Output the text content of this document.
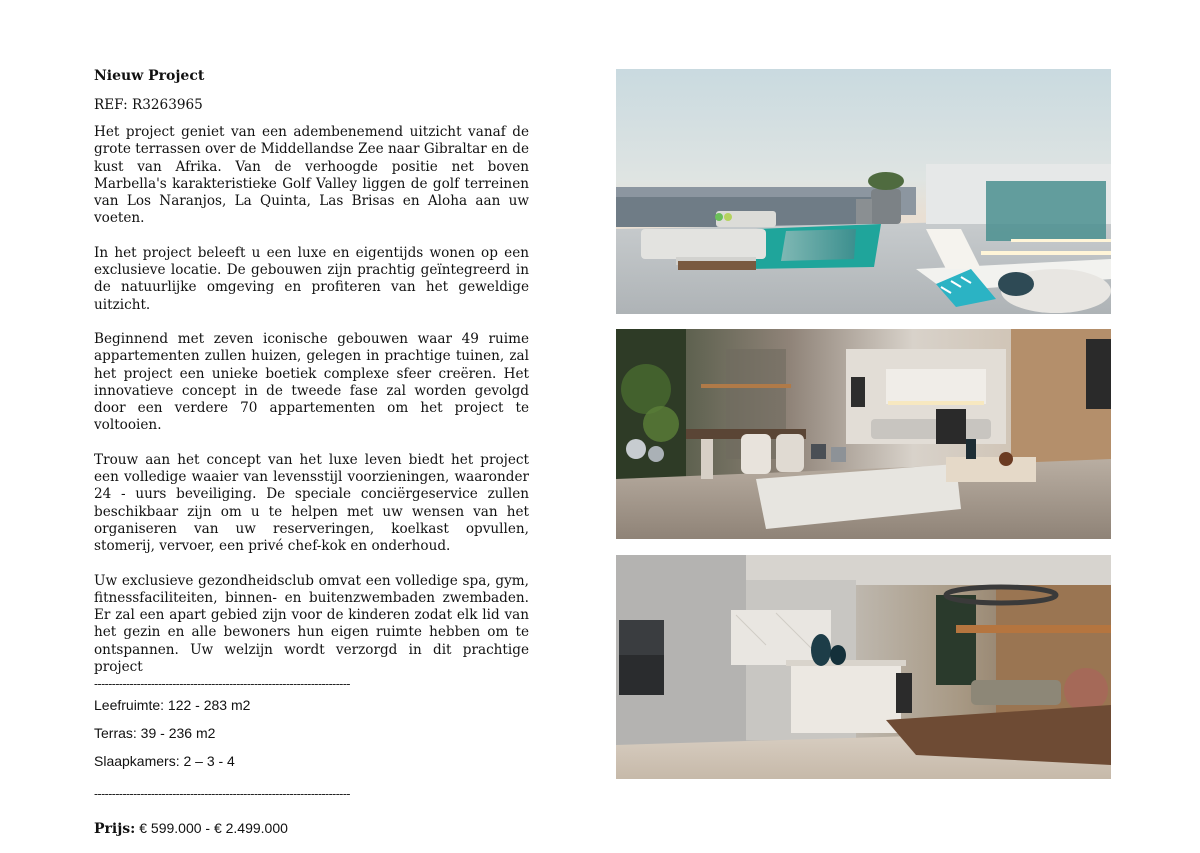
Nieuw Project

REF: R3263965

Het project geniet van een adembenemend uitzicht vanaf de grote terrassen over de Middellandse Zee naar Gibraltar en de kust van Afrika. Van de verhoogde positie net boven Marbella's karakteristieke Golf Valley liggen de golf terreinen van Los Naranjos, La Quinta, Las Brisas en Aloha aan uw voeten.

In het project beleeft u een luxe en eigentijds wonen op een exclusieve locatie. De gebouwen zijn prachtig geïntegreerd in de natuurlijke omgeving en profiteren van het geweldige uitzicht.

Beginnend met zeven iconische gebouwen waar 49 ruime appartementen zullen huizen, gelegen in prachtige tuinen, zal het project een unieke boetiek complexe sfeer creëren. Het innovatieve concept in de tweede fase zal worden gevolgd door een verdere 70 appartementen om het project te voltooien.

Trouw aan het concept van het luxe leven biedt het project een volledige waaier van levensstijl voorzieningen, waaronder 24 - uurs beveiliging. De speciale conciërgeservice zullen beschikbaar zijn om u te helpen met uw wensen van het organiseren van uw reserveringen, koelkast opvullen, stomerij, vervoer, een privé chef-kok en onderhoud.

Uw exclusieve gezondheidsclub omvat een volledige spa, gym, fitnessfaciliteiten, binnen- en buitenzwembaden zwembaden. Er zal een apart gebied zijn voor de kinderen zodat elk lid van het gezin en alle bewoners hun eigen ruimte hebben om te ontspannen. Uw welzijn wordt verzorgd in dit prachtige project

------------------------------------------------------------------------

Leefruimte: 122 - 283 m2

Terras: 39 - 236 m2

Slaapkamers: 2 – 3 - 4

------------------------------------------------------------------------

Prijs: € 599.000 - € 2.499.000
